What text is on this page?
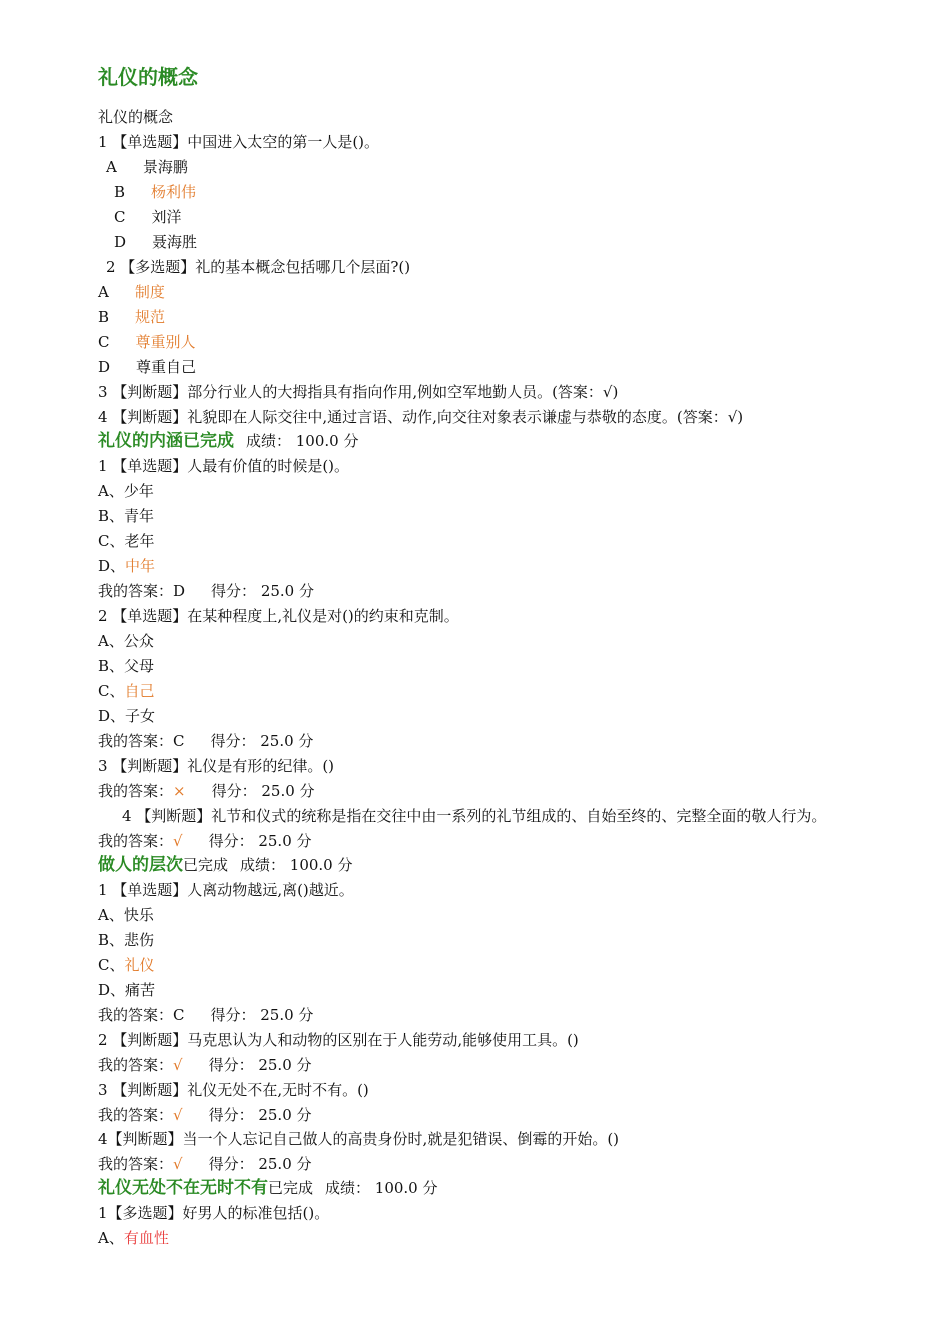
礼仪的概念
礼仪的概念
1 【单选题】中国进入太空的第一人是()。
A 景海鹏
B 杨利伟
C 刘洋
D 聂海胜
2 【多选题】礼的基本概念包括哪几个层面?()
A 制度
B 规范
C 尊重别人
D 尊重自己
3 【判断题】部分行业人的大拇指具有指向作用,例如空军地勤人员。(答案：√)
4 【判断题】礼貌即在人际交往中,通过言语、动作,向交往对象表示谦虚与恭敬的态度。(答案：√)
礼仪的内涵已完成 成绩： 100.0 分
1 【单选题】人最有价值的时候是()。
A、少年
B、青年
C、老年
D、中年
我的答案：D 得分： 25.0 分
2 【单选题】在某种程度上,礼仪是对()的约束和克制。
A、公众
B、父母
C、自己
D、子女
我的答案：C 得分： 25.0 分
3 【判断题】礼仪是有形的纪律。()
我的答案：× 得分： 25.0 分
4 【判断题】礼节和仪式的统称是指在交往中由一系列的礼节组成的、自始至终的、完整全面的敬人行为。
我的答案：√ 得分： 25.0 分
做人的层次已完成 成绩： 100.0 分
1 【单选题】人离动物越远,离()越近。
A、快乐
B、悲伤
C、礼仪
D、痛苦
我的答案：C 得分： 25.0 分
2 【判断题】马克思认为人和动物的区别在于人能劳动,能够使用工具。()
我的答案：√ 得分： 25.0 分
3 【判断题】礼仪无处不在,无时不有。()
我的答案：√ 得分： 25.0 分
4【判断题】当一个人忘记自己做人的高贵身份时,就是犯错误、倒霉的开始。()
我的答案：√ 得分： 25.0 分
礼仪无处不在无时不有已完成 成绩： 100.0 分
1【多选题】好男人的标准包括()。
A、有血性
